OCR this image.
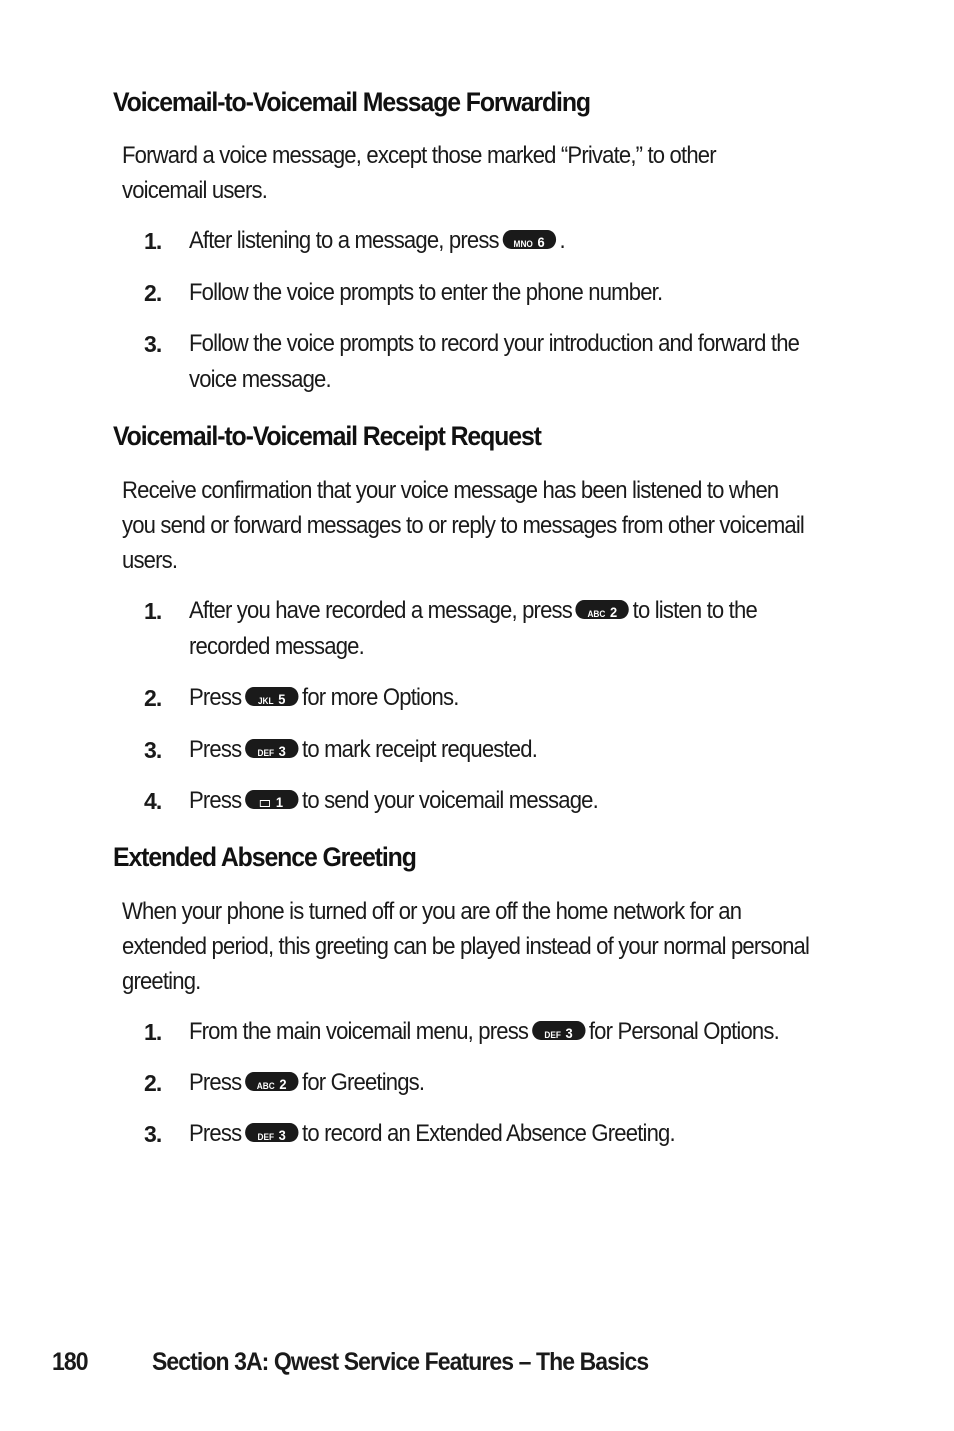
Voicemail-to-Voicemail Message Forwarding
Forward a voice message, except those marked “Private,” to other
voicemail users.
1. After listening to a message, press MNO 6 .
2. Follow the voice prompts to enter the phone number.
3. Follow the voice prompts to record your introduction and forward the
voice message.
Voicemail-to-Voicemail Receipt Request
Receive confirmation that your voice message has been listened to when
you send or forward messages to or reply to messages from other voicemail
users.
1. After you have recorded a message, press ABC 2 to listen to the
recorded message.
2. Press JKL 5 for more Options.
3. Press DEF 3 to mark receipt requested.
4. Press 1 to send your voicemail message.
Extended Absence Greeting
When your phone is turned off or you are off the home network for an
extended period, this greeting can be played instead of your normal personal
greeting.
1. From the main voicemail menu, press DEF 3 for Personal Options.
2. Press ABC 2 for Greetings.
3. Press DEF 3 to record an Extended Absence Greeting.
180	Section 3A: Qwest Service Features – The Basics
